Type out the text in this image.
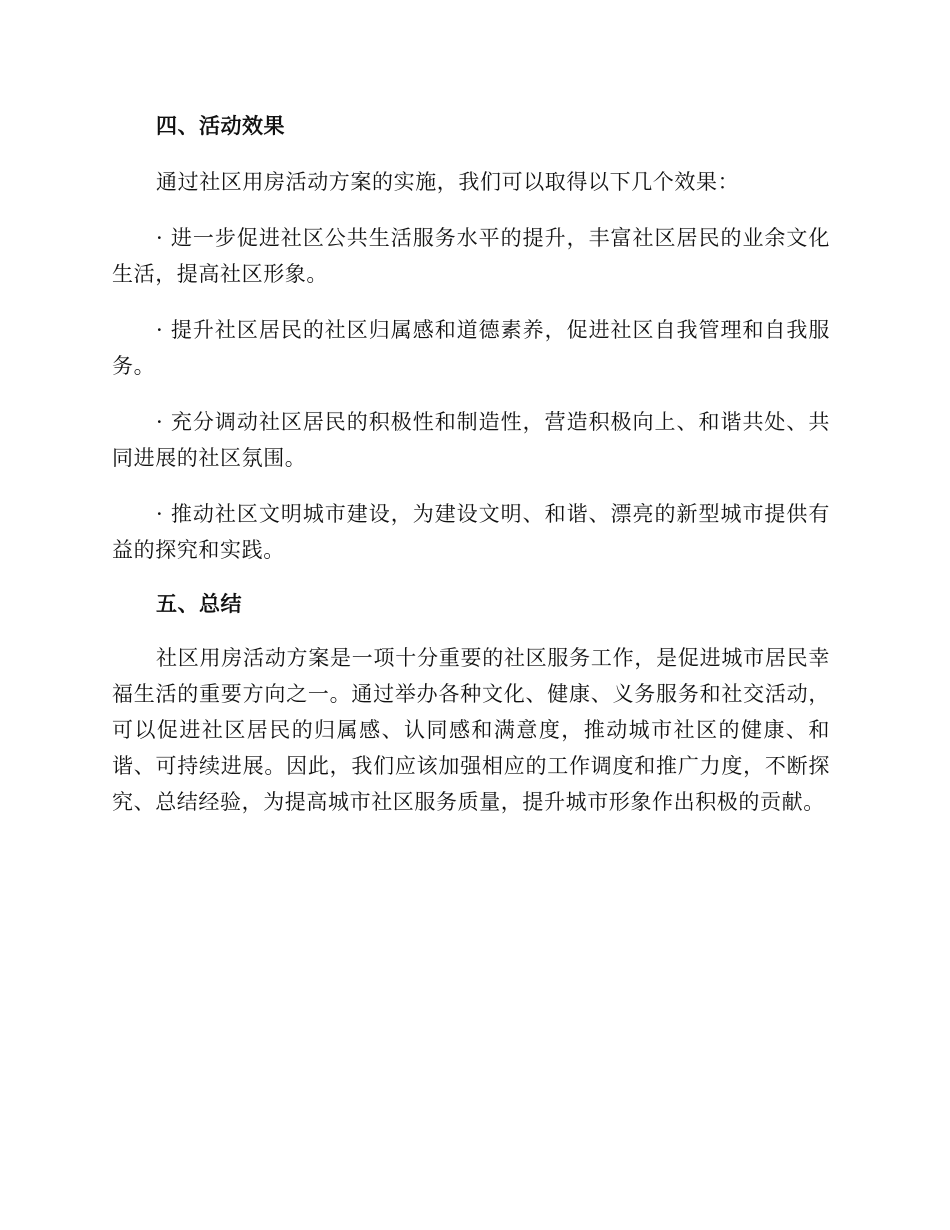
四、活动效果

通过社区用房活动方案的实施，我们可以取得以下几个效果：

· 进一步促进社区公共生活服务水平的提升，丰富社区居民的业余文化生活，提高社区形象。

· 提升社区居民的社区归属感和道德素养，促进社区自我管理和自我服务。

· 充分调动社区居民的积极性和制造性，营造积极向上、和谐共处、共同进展的社区氛围。

· 推动社区文明城市建设，为建设文明、和谐、漂亮的新型城市提供有益的探究和实践。

五、总结

社区用房活动方案是一项十分重要的社区服务工作，是促进城市居民幸福生活的重要方向之一。通过举办各种文化、健康、义务服务和社交活动，可以促进社区居民的归属感、认同感和满意度，推动城市社区的健康、和谐、可持续进展。因此，我们应该加强相应的工作调度和推广力度，不断探究、总结经验，为提高城市社区服务质量，提升城市形象作出积极的贡献。
